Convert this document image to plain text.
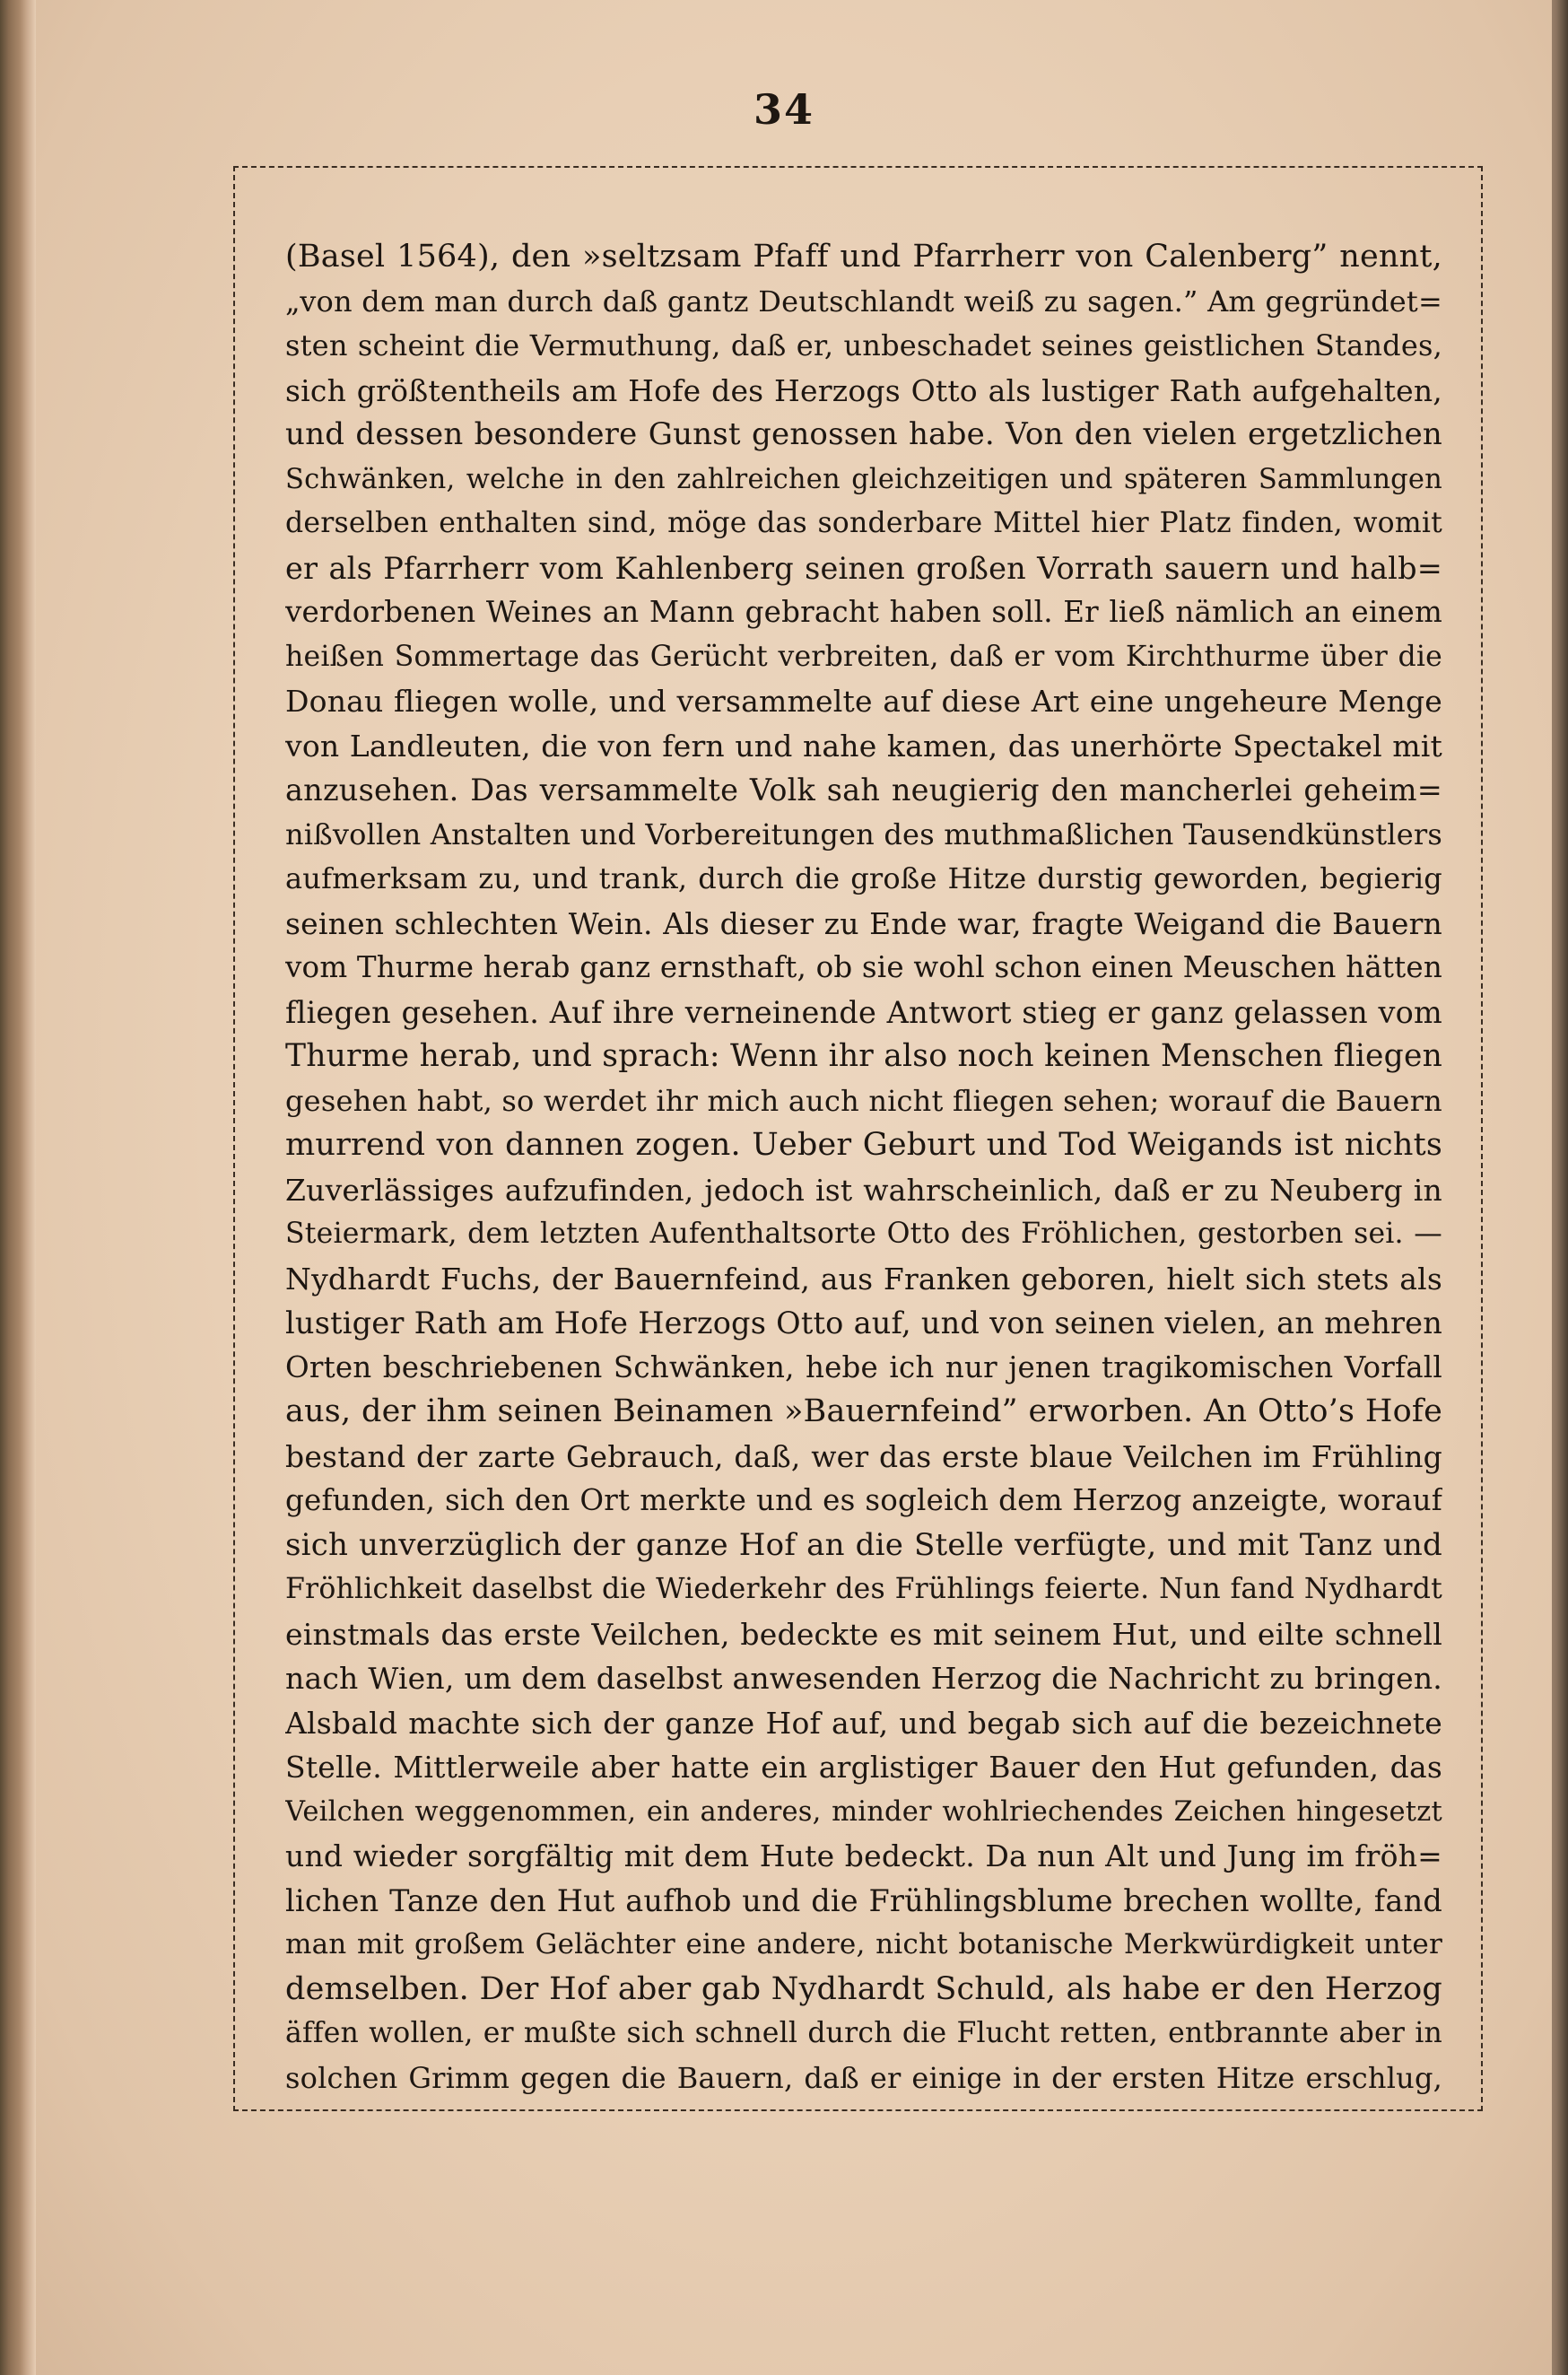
34
(Basel 1564), den »seltzsam Pfaff und Pfarrherr von Calenberg” nennt,
„von dem man durch daß gantz Deutschlandt weiß zu sagen.” Am gegründet=
sten scheint die Vermuthung, daß er, unbeschadet seines geistlichen Standes,
sich größtentheils am Hofe des Herzogs Otto als lustiger Rath aufgehalten,
und dessen besondere Gunst genossen habe. Von den vielen ergetzlichen
Schwänken, welche in den zahlreichen gleichzeitigen und späteren Sammlungen
derselben enthalten sind, möge das sonderbare Mittel hier Platz finden, womit
er als Pfarrherr vom Kahlenberg seinen großen Vorrath sauern und halb=
verdorbenen Weines an Mann gebracht haben soll. Er ließ nämlich an einem
heißen Sommertage das Gerücht verbreiten, daß er vom Kirchthurme über die
Donau fliegen wolle, und versammelte auf diese Art eine ungeheure Menge
von Landleuten, die von fern und nahe kamen, das unerhörte Spectakel mit
anzusehen. Das versammelte Volk sah neugierig den mancherlei geheim=
nißvollen Anstalten und Vorbereitungen des muthmaßlichen Tausendkünstlers
aufmerksam zu, und trank, durch die große Hitze durstig geworden, begierig
seinen schlechten Wein. Als dieser zu Ende war, fragte Weigand die Bauern
vom Thurme herab ganz ernsthaft, ob sie wohl schon einen Meuschen hätten
fliegen gesehen. Auf ihre verneinende Antwort stieg er ganz gelassen vom
Thurme herab, und sprach: Wenn ihr also noch keinen Menschen fliegen
gesehen habt, so werdet ihr mich auch nicht fliegen sehen; worauf die Bauern
murrend von dannen zogen. Ueber Geburt und Tod Weigands ist nichts
Zuverlässiges aufzufinden, jedoch ist wahrscheinlich, daß er zu Neuberg in
Steiermark, dem letzten Aufenthaltsorte Otto des Fröhlichen, gestorben sei. —
Nydhardt Fuchs, der Bauernfeind, aus Franken geboren, hielt sich stets als
lustiger Rath am Hofe Herzogs Otto auf, und von seinen vielen, an mehren
Orten beschriebenen Schwänken, hebe ich nur jenen tragikomischen Vorfall
aus, der ihm seinen Beinamen »Bauernfeind” erworben. An Otto’s Hofe
bestand der zarte Gebrauch, daß, wer das erste blaue Veilchen im Frühling
gefunden, sich den Ort merkte und es sogleich dem Herzog anzeigte, worauf
sich unverzüglich der ganze Hof an die Stelle verfügte, und mit Tanz und
Fröhlichkeit daselbst die Wiederkehr des Frühlings feierte. Nun fand Nydhardt
einstmals das erste Veilchen, bedeckte es mit seinem Hut, und eilte schnell
nach Wien, um dem daselbst anwesenden Herzog die Nachricht zu bringen.
Alsbald machte sich der ganze Hof auf, und begab sich auf die bezeichnete
Stelle. Mittlerweile aber hatte ein arglistiger Bauer den Hut gefunden, das
Veilchen weggenommen, ein anderes, minder wohlriechendes Zeichen hingesetzt
und wieder sorgfältig mit dem Hute bedeckt. Da nun Alt und Jung im fröh=
lichen Tanze den Hut aufhob und die Frühlingsblume brechen wollte, fand
man mit großem Gelächter eine andere, nicht botanische Merkwürdigkeit unter
demselben. Der Hof aber gab Nydhardt Schuld, als habe er den Herzog
äffen wollen, er mußte sich schnell durch die Flucht retten, entbrannte aber in
solchen Grimm gegen die Bauern, daß er einige in der ersten Hitze erschlug,
